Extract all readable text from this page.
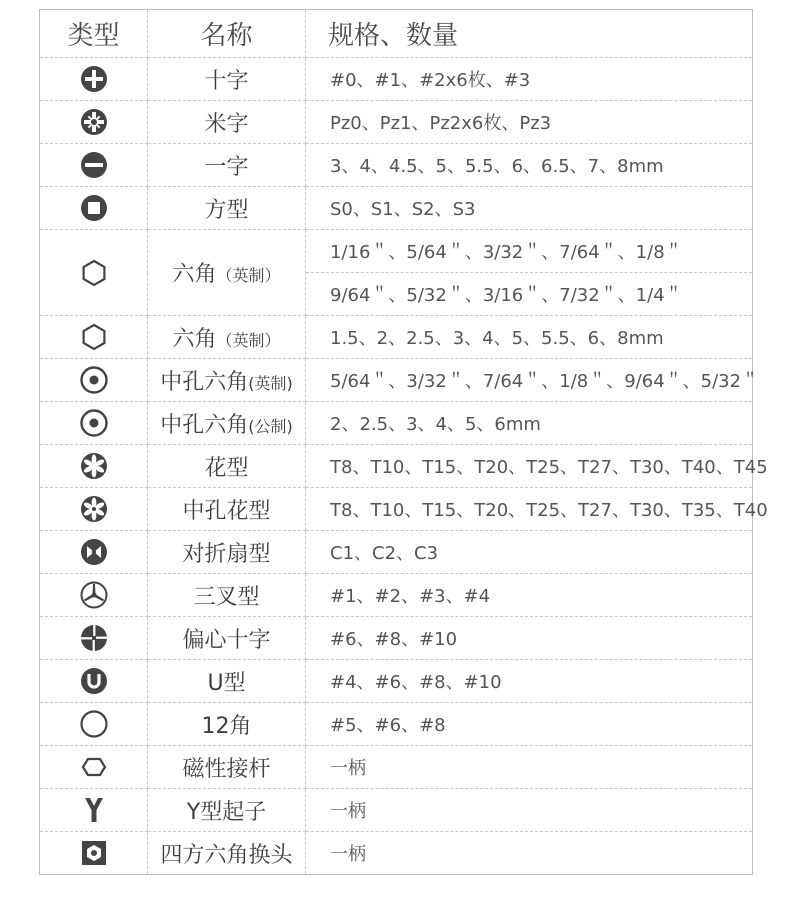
类型	名称	规格、数量

	十字	#0、#1、#2x6枚、#3

	米字	Pz0、Pz1、Pz2x6枚、Pz3

	一字	3、4、4.5、5、5.5、6、6.5、7、8mm

	方型	S0、S1、S2、S3

	六角（英制）	1/16＂、5/64＂、3/32＂、7/64＂、1/8＂
		9/64＂、5/32＂、3/16＂、7/32＂、1/4＂

	六角（英制）	1.5、2、2.5、3、4、5、5.5、6、8mm

	中孔六角(英制)	5/64＂、3/32＂、7/64＂、1/8＂、9/64＂、5/32＂

	中孔六角(公制)	2、2.5、3、4、5、6mm

	花型	T8、T10、T15、T20、T25、T27、T30、T40、T45

	中孔花型	T8、T10、T15、T20、T25、T27、T30、T35、T40

	对折扇型	C1、C2、C3

	三叉型	#1、#2、#3、#4

	偏心十字	#6、#8、#10

	U型	#4、#6、#8、#10

	12角	#5、#6、#8

	磁性接杆	一柄

	Y型起子	一柄

	四方六角换头	一柄
